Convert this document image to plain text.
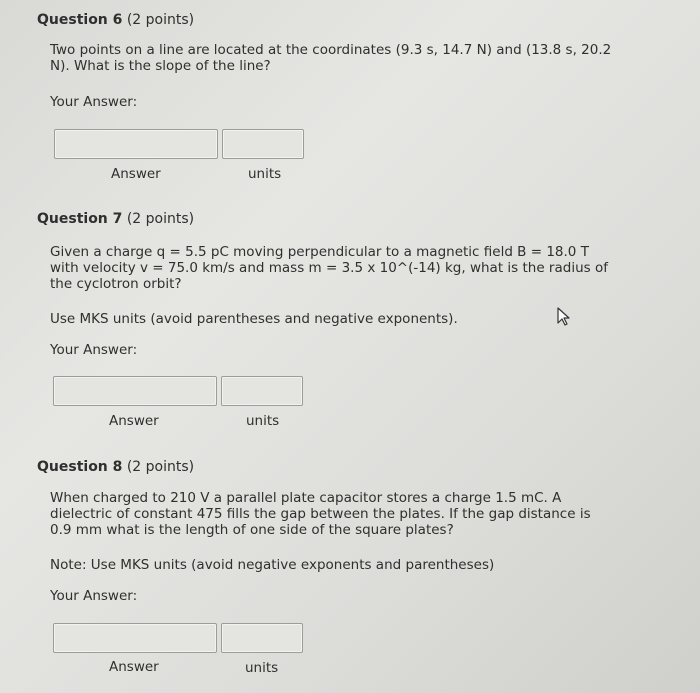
Question 6 (2 points)
Two points on a line are located at the coordinates (9.3 s, 14.7 N) and (13.8 s, 20.2 N). What is the slope of the line?
Your Answer:
Answer	units
Question 7 (2 points)
Given a charge q = 5.5 pC moving perpendicular to a magnetic field B = 18.0 T with velocity v = 75.0 km/s and mass m = 3.5 x 10^(-14) kg, what is the radius of the cyclotron orbit?
Use MKS units (avoid parentheses and negative exponents).
Your Answer:
Answer	units
Question 8 (2 points)
When charged to 210 V a parallel plate capacitor stores a charge 1.5 mC. A dielectric of constant 475 fills the gap between the plates. If the gap distance is 0.9 mm what is the length of one side of the square plates?
Note: Use MKS units (avoid negative exponents and parentheses)
Your Answer:
Answer	units
